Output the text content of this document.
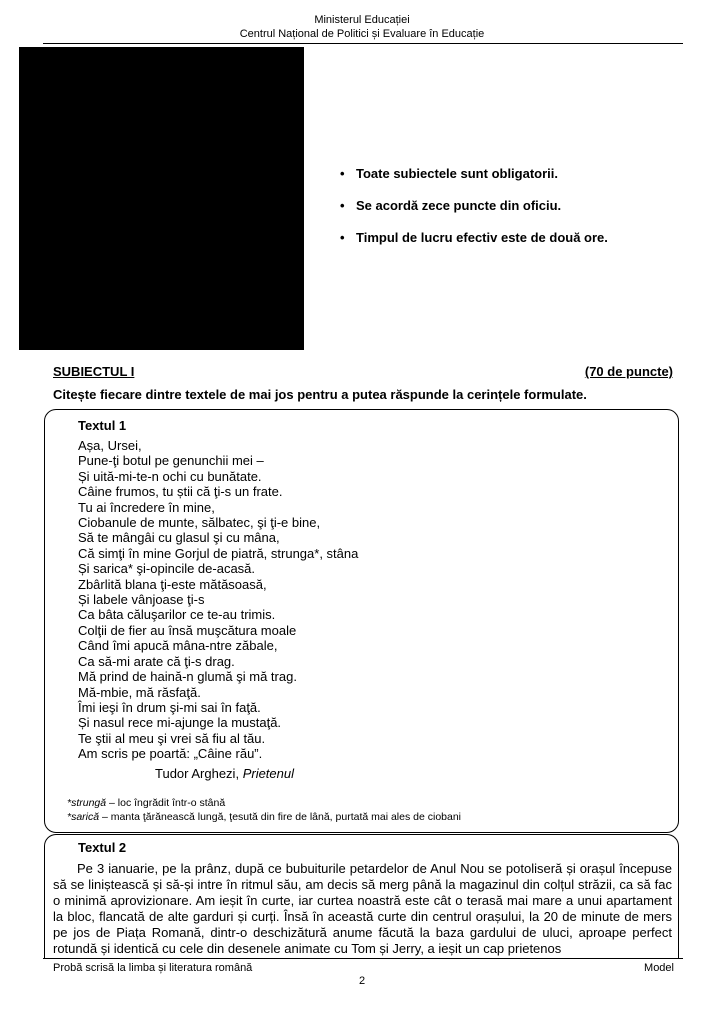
Ministerul Educației
Centrul Național de Politici și Evaluare în Educație
• Toate subiectele sunt obligatorii.
• Se acordă zece puncte din oficiu.
• Timpul de lucru efectiv este de două ore.
SUBIECTUL I	(70 de puncte)
Citește fiecare dintre textele de mai jos pentru a putea răspunde la cerințele formulate.
Textul 1
Așa, Ursei,
Pune-ţi botul pe genunchii mei –
Și uită-mi-te-n ochi cu bunătate.
Câine frumos, tu știi că ţi-s un frate.
Tu ai încredere în mine,
Ciobanule de munte, sălbatec, şi ţi-e bine,
Să te mângâi cu glasul şi cu mâna,
Că simţi în mine Gorjul de piatră, strunga*, stâna
Și sarica* şi-opincile de-acasă.
Zbârlită blana ţi-este mătăsoasă,
Și labele vânjoase ţi-s
Ca bâta căluşarilor ce te-au trimis.
Colţii de fier au însă muşcătura moale
Când îmi apucă mâna-ntre zăbale,
Ca să-mi arate că ţi-s drag.
Mă prind de haină-n glumă şi mă trag.
Mă-mbie, mă răsfaţă.
Îmi ieşi în drum şi-mi sai în faţă.
Și nasul rece mi-ajunge la mustaţă.
Te ştii al meu şi vrei să fiu al tău.
Am scris pe poartă: „Câine rău”.
Tudor Arghezi, Prietenul
*strungă – loc îngrădit într-o stână
*sarică – manta ţărănească lungă, ţesută din fire de lână, purtată mai ales de ciobani
Textul 2

Pe 3 ianuarie, pe la prânz, după ce bubuiturile petardelor de Anul Nou se potoliseră și orașul începuse să se liniștească și să-și intre în ritmul său, am decis să merg până la magazinul din colțul străzii, ca să fac o minimă aprovizionare. Am ieșit în curte, iar curtea noastră este cât o terasă mai mare a unui apartament la bloc, flancată de alte garduri și curți. Însă în această curte din centrul orașului, la 20 de minute de mers pe jos de Piața Romană, dintr-o deschizătură anume făcută la baza gardului de uluci, aproape perfect rotundă și identică cu cele din desenele animate cu Tom și Jerry, a ieșit un cap prietenos

Probă scrisă la limba și literatura română	Model
2
